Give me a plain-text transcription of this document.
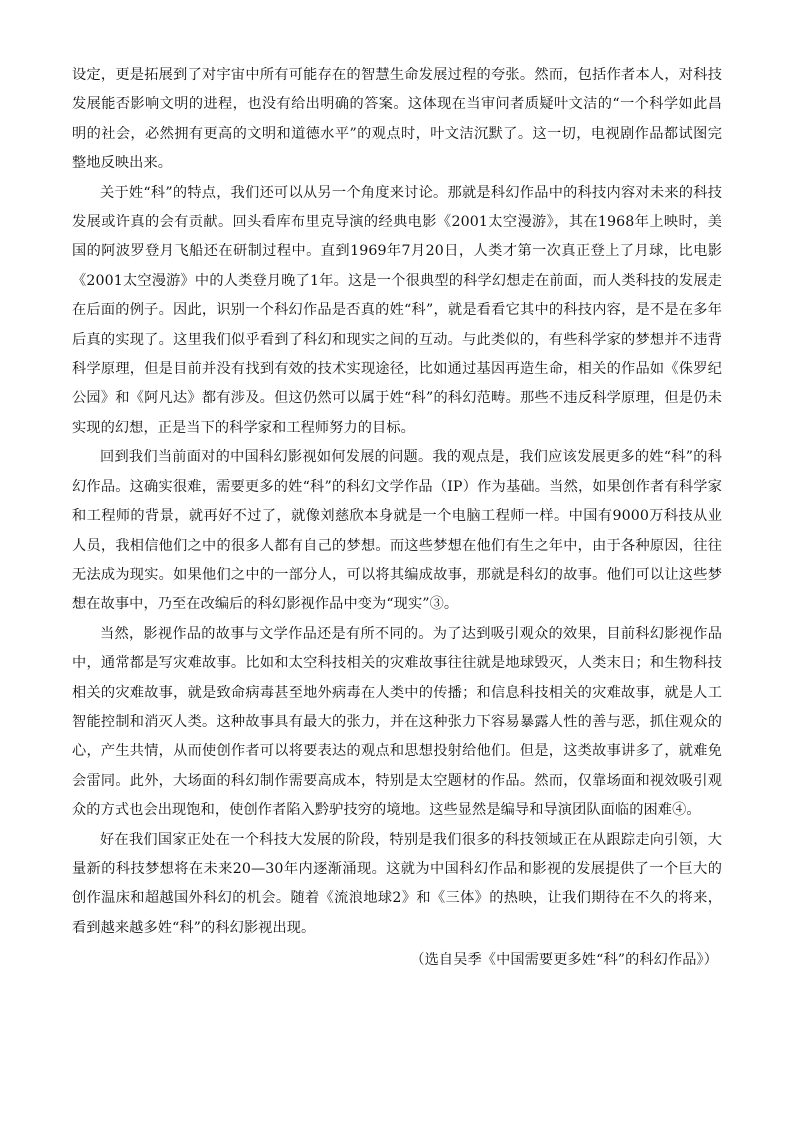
设定，更是拓展到了对宇宙中所有可能存在的智慧生命发展过程的夸张。然而，包括作者本人，对科技发展能否影响文明的进程，也没有给出明确的答案。这体现在当审问者质疑叶文洁的“一个科学如此昌明的社会，必然拥有更高的文明和道德水平”的观点时，叶文洁沉默了。这一切，电视剧作品都试图完整地反映出来。

关于姓“科”的特点，我们还可以从另一个角度来讨论。那就是科幻作品中的科技内容对未来的科技发展或许真的会有贡献。回头看库布里克导演的经典电影《2001太空漫游》，其在1968年上映时，美国的阿波罗登月飞船还在研制过程中。直到1969年7月20日，人类才第一次真正登上了月球，比电影《2001太空漫游》中的人类登月晚了1年。这是一个很典型的科学幻想走在前面，而人类科技的发展走在后面的例子。因此，识别一个科幻作品是否真的姓“科”，就是看看它其中的科技内容，是不是在多年后真的实现了。这里我们似乎看到了科幻和现实之间的互动。与此类似的，有些科学家的梦想并不违背科学原理，但是目前并没有找到有效的技术实现途径，比如通过基因再造生命，相关的作品如《侏罗纪公园》和《阿凡达》都有涉及。但这仍然可以属于姓“科”的科幻范畴。那些不违反科学原理，但是仍未实现的幻想，正是当下的科学家和工程师努力的目标。

回到我们当前面对的中国科幻影视如何发展的问题。我的观点是，我们应该发展更多的姓“科”的科幻作品。这确实很难，需要更多的姓“科”的科幻文学作品（IP）作为基础。当然，如果创作者有科学家和工程师的背景，就再好不过了，就像刘慈欣本身就是一个电脑工程师一样。中国有9000万科技从业人员，我相信他们之中的很多人都有自己的梦想。而这些梦想在他们有生之年中，由于各种原因，往往无法成为现实。如果他们之中的一部分人，可以将其编成故事，那就是科幻的故事。他们可以让这些梦想在故事中，乃至在改编后的科幻影视作品中变为“现实”③。

当然，影视作品的故事与文学作品还是有所不同的。为了达到吸引观众的效果，目前科幻影视作品中，通常都是写灾难故事。比如和太空科技相关的灾难故事往往就是地球毁灭，人类末日；和生物科技相关的灾难故事，就是致命病毒甚至地外病毒在人类中的传播；和信息科技相关的灾难故事，就是人工智能控制和消灭人类。这种故事具有最大的张力，并在这种张力下容易暴露人性的善与恶，抓住观众的心，产生共情，从而使创作者可以将要表达的观点和思想投射给他们。但是，这类故事讲多了，就难免会雷同。此外，大场面的科幻制作需要高成本，特别是太空题材的作品。然而，仅靠场面和视效吸引观众的方式也会出现饱和，使创作者陷入黔驴技穷的境地。这些显然是编导和导演团队面临的困难④。

好在我们国家正处在一个科技大发展的阶段，特别是我们很多的科技领域正在从跟踪走向引领，大量新的科技梦想将在未来20—30年内逐渐涌现。这就为中国科幻作品和影视的发展提供了一个巨大的创作温床和超越国外科幻的机会。随着《流浪地球2》和《三体》的热映，让我们期待在不久的将来，看到越来越多姓“科”的科幻影视出现。

（选自吴季《中国需要更多姓“科”的科幻作品》）
